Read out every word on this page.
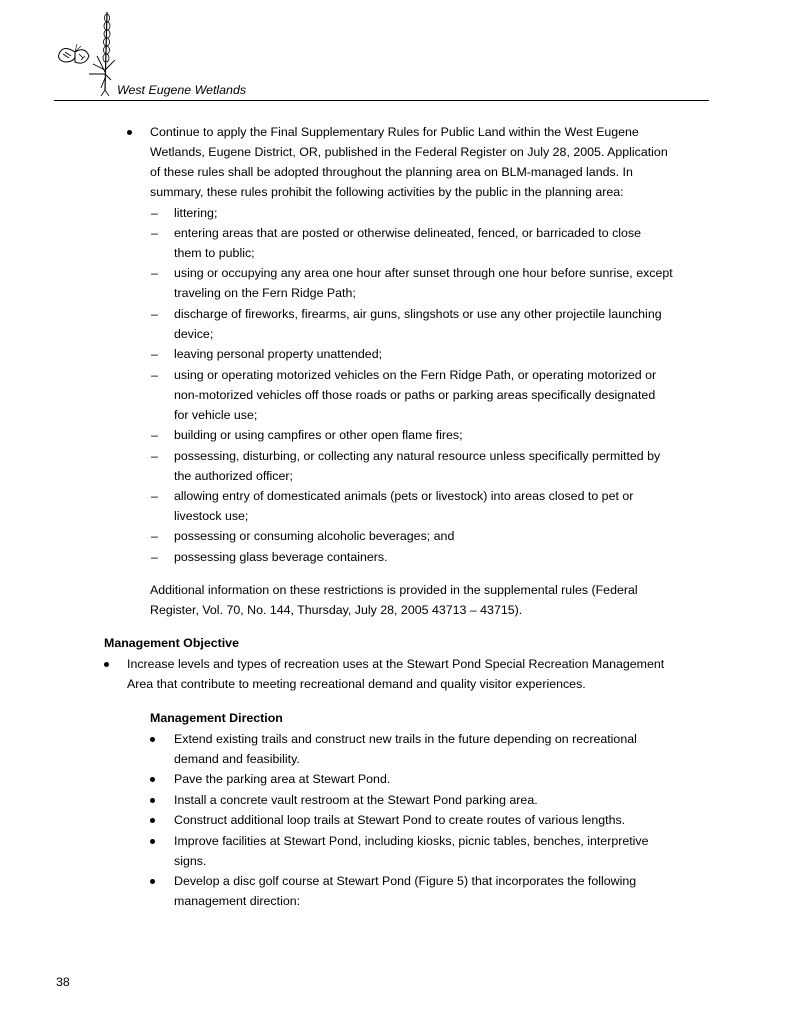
West Eugene Wetlands
Continue to apply the Final Supplementary Rules for Public Land within the West Eugene
Wetlands, Eugene District, OR, published in the Federal Register on July 28, 2005. Application
of these rules shall be adopted throughout the planning area on BLM-managed lands. In
summary, these rules prohibit the following activities by the public in the planning area:
– littering;
– entering areas that are posted or otherwise delineated, fenced, or barricaded to close
them to public;
– using or occupying any area one hour after sunset through one hour before sunrise, except
traveling on the Fern Ridge Path;
– discharge of fireworks, firearms, air guns, slingshots or use any other projectile launching
device;
– leaving personal property unattended;
– using or operating motorized vehicles on the Fern Ridge Path, or operating motorized or
non-motorized vehicles off those roads or paths or parking areas specifically designated
for vehicle use;
– building or using campfires or other open flame fires;
– possessing, disturbing, or collecting any natural resource unless specifically permitted by
the authorized officer;
– allowing entry of domesticated animals (pets or livestock) into areas closed to pet or
livestock use;
– possessing or consuming alcoholic beverages; and
– possessing glass beverage containers.
Additional information on these restrictions is provided in the supplemental rules (Federal
Register, Vol. 70, No. 144, Thursday, July 28, 2005 43713 – 43715).
Management Objective
Increase levels and types of recreation uses at the Stewart Pond Special Recreation Management
Area that contribute to meeting recreational demand and quality visitor experiences.
Management Direction
Extend existing trails and construct new trails in the future depending on recreational
demand and feasibility.
Pave the parking area at Stewart Pond.
Install a concrete vault restroom at the Stewart Pond parking area.
Construct additional loop trails at Stewart Pond to create routes of various lengths.
Improve facilities at Stewart Pond, including kiosks, picnic tables, benches, interpretive
signs.
Develop a disc golf course at Stewart Pond (Figure 5) that incorporates the following
management direction:
38
